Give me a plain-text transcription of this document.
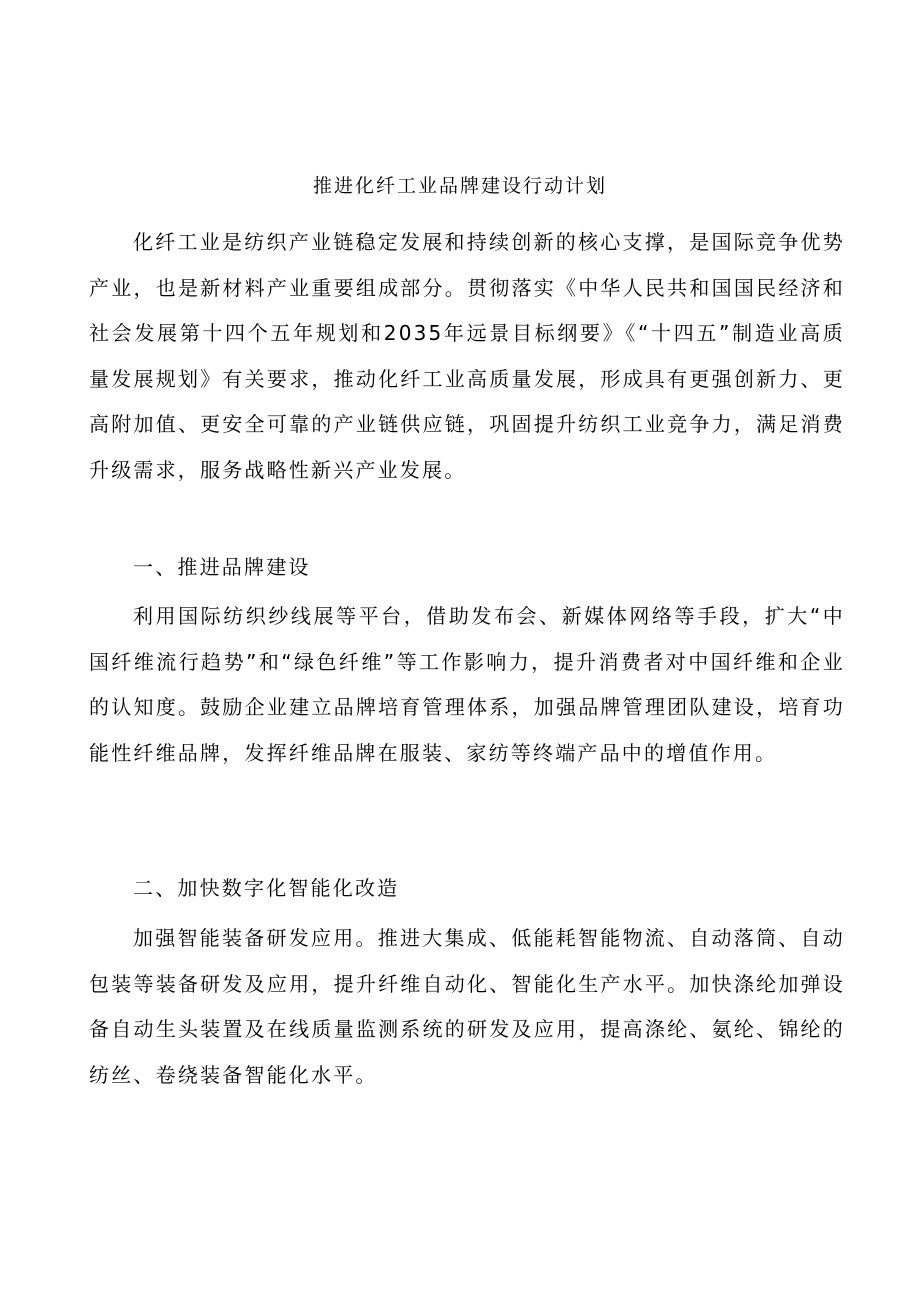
推进化纤工业品牌建设行动计划

化纤工业是纺织产业链稳定发展和持续创新的核心支撑，是国际竞争优势产业，也是新材料产业重要组成部分。贯彻落实《中华人民共和国国民经济和社会发展第十四个五年规划和2035年远景目标纲要》《“十四五”制造业高质量发展规划》有关要求，推动化纤工业高质量发展，形成具有更强创新力、更高附加值、更安全可靠的产业链供应链，巩固提升纺织工业竞争力，满足消费升级需求，服务战略性新兴产业发展。

一、推进品牌建设

利用国际纺织纱线展等平台，借助发布会、新媒体网络等手段，扩大“中国纤维流行趋势”和“绿色纤维”等工作影响力，提升消费者对中国纤维和企业的认知度。鼓励企业建立品牌培育管理体系，加强品牌管理团队建设，培育功能性纤维品牌，发挥纤维品牌在服装、家纺等终端产品中的增值作用。

二、加快数字化智能化改造

加强智能装备研发应用。推进大集成、低能耗智能物流、自动落筒、自动包装等装备研发及应用，提升纤维自动化、智能化生产水平。加快涤纶加弹设备自动生头装置及在线质量监测系统的研发及应用，提高涤纶、氨纶、锦纶的纺丝、卷绕装备智能化水平。
